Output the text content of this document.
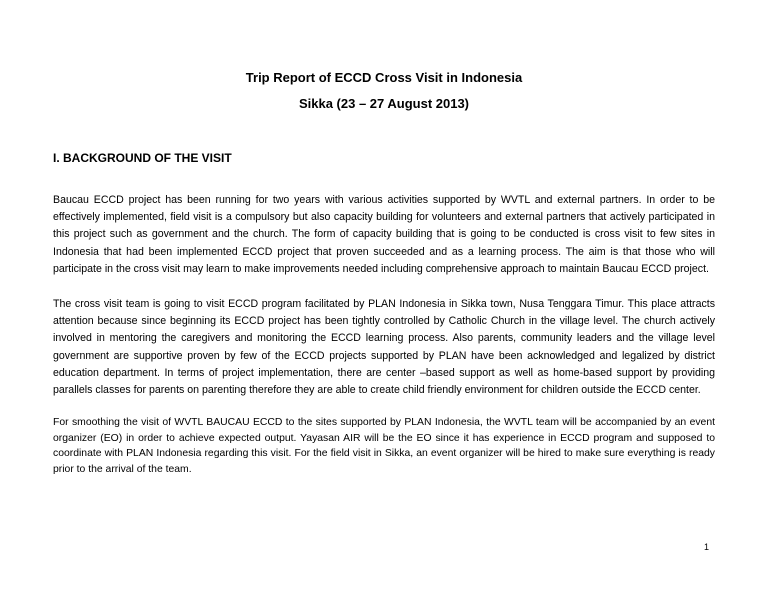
Trip Report of ECCD Cross Visit in Indonesia
Sikka (23 – 27 August 2013)
I. BACKGROUND OF THE VISIT

Baucau ECCD project has been running for two years with various activities supported by WVTL and external partners. In order to be effectively implemented, field visit is a compulsory but also capacity building for volunteers and external partners that actively participated in this project such as government and the church. The form of capacity building that is going to be conducted is cross visit to few sites in Indonesia that had been implemented ECCD project that proven succeeded and as a learning process. The aim is that those who will participate in the cross visit may learn to make improvements needed including comprehensive approach to maintain Baucau ECCD project.

The cross visit team is going to visit ECCD program facilitated by PLAN Indonesia in Sikka town, Nusa Tenggara Timur. This place attracts attention because since beginning its ECCD project has been tightly controlled by Catholic Church in the village level. The church actively involved in mentoring the caregivers and monitoring the ECCD learning process. Also parents, community leaders and the village level government are supportive proven by few of the ECCD projects supported by PLAN have been acknowledged and legalized by district education department. In terms of project implementation, there are center –based support as well as home-based support by providing parallels classes for parents on parenting therefore they are able to create child friendly environment for children outside the ECCD center.

For smoothing the visit of WVTL BAUCAU ECCD to the sites supported by PLAN Indonesia, the WVTL team will be accompanied by an event organizer (EO) in order to achieve expected output. Yayasan AIR will be the EO since it has experience in ECCD program and supposed to coordinate with PLAN Indonesia regarding this visit. For the field visit in Sikka, an event organizer will be hired to make sure everything is ready prior to the arrival of the team.

1
